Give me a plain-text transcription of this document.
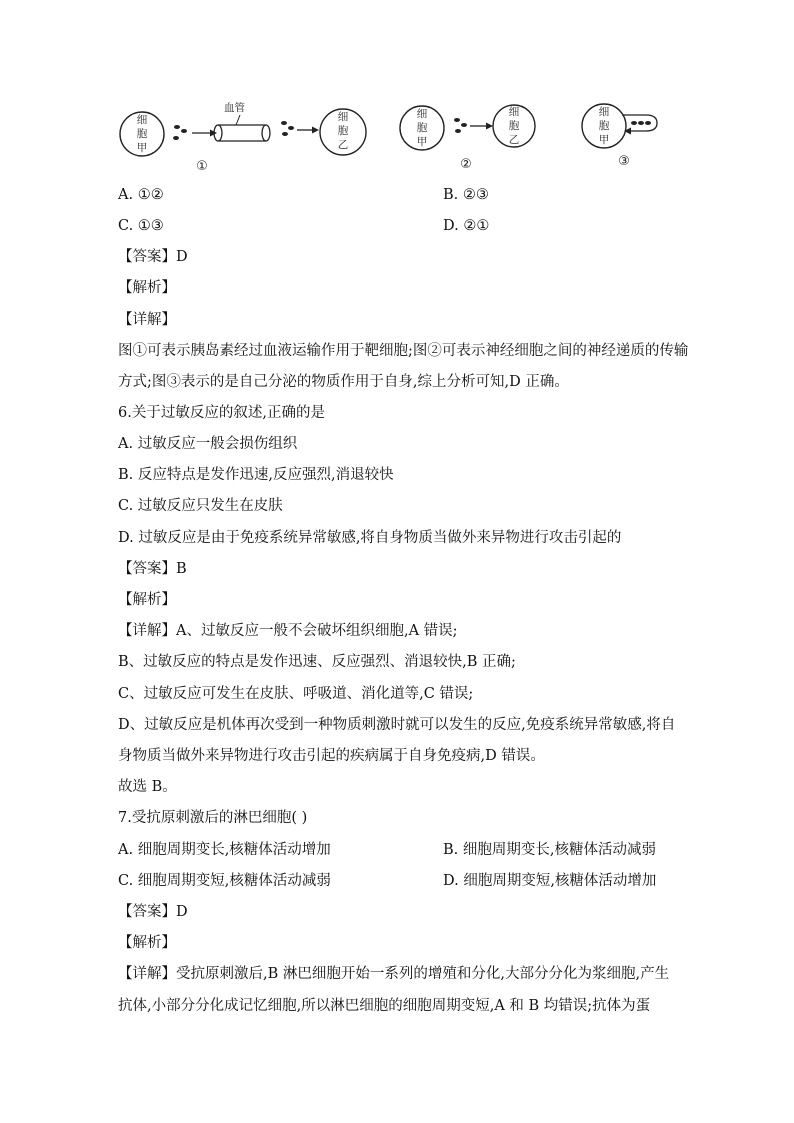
细
胞
甲
血管
细
胞
乙
①
细
胞
甲
细
胞
乙
②
细
胞
甲
③
A. ①②	B. ②③
C. ①③	D. ②①
【答案】D
【解析】
【详解】
图①可表示胰岛素经过血液运输作用于靶细胞;图②可表示神经细胞之间的神经递质的传输
方式;图③表示的是自己分泌的物质作用于自身,综上分析可知,D 正确。
6.关于过敏反应的叙述,正确的是
A. 过敏反应一般会损伤组织
B. 反应特点是发作迅速,反应强烈,消退较快
C. 过敏反应只发生在皮肤
D. 过敏反应是由于免疫系统异常敏感,将自身物质当做外来异物进行攻击引起的
【答案】B
【解析】
【详解】A、过敏反应一般不会破坏组织细胞,A 错误;
B、过敏反应的特点是发作迅速、反应强烈、消退较快,B 正确;
C、过敏反应可发生在皮肤、呼吸道、消化道等,C 错误;
D、过敏反应是机体再次受到一种物质刺激时就可以发生的反应,免疫系统异常敏感,将自
身物质当做外来异物进行攻击引起的疾病属于自身免疫病,D 错误。
故选 B。
7.受抗原刺激后的淋巴细胞( )
A. 细胞周期变长,核糖体活动增加	B. 细胞周期变长,核糖体活动减弱
C. 细胞周期变短,核糖体活动减弱	D. 细胞周期变短,核糖体活动增加
【答案】D
【解析】
【详解】受抗原刺激后,B 淋巴细胞开始一系列的增殖和分化,大部分分化为浆细胞,产生
抗体,小部分分化成记忆细胞,所以淋巴细胞的细胞周期变短,A 和 B 均错误;抗体为蛋
